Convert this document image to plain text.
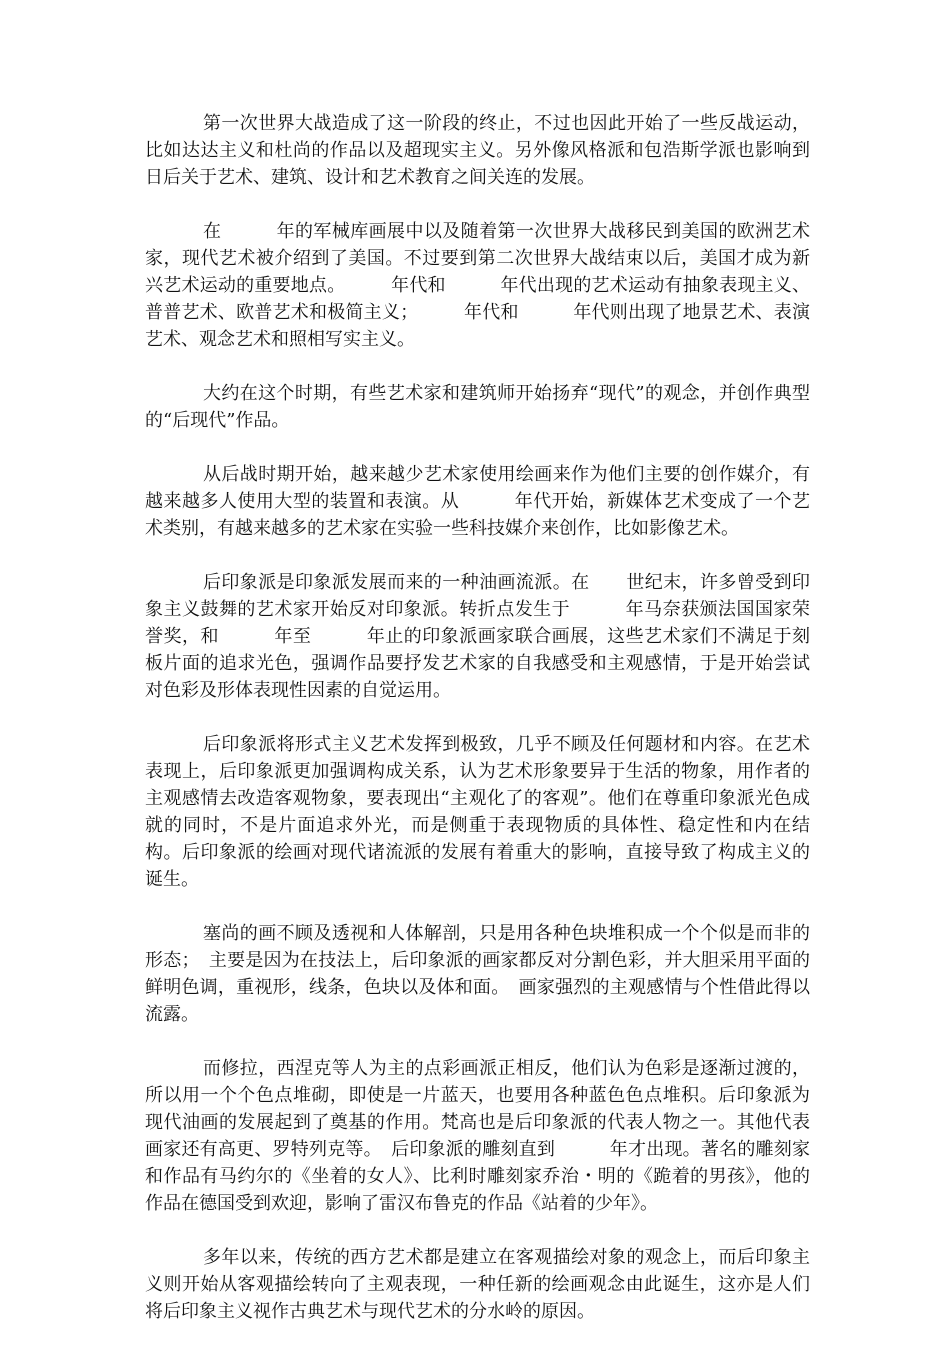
第一次世界大战造成了这一阶段的终止，不过也因此开始了一些反战运动，比如达达主义和杜尚的作品以及超现实主义。另外像风格派和包浩斯学派也影响到日后关于艺术、建筑、设计和艺术教育之间关连的发展。

在　　　年的军械库画展中以及随着第一次世界大战移民到美国的欧洲艺术家，现代艺术被介绍到了美国。不过要到第二次世界大战结束以后，美国才成为新兴艺术运动的重要地点。　　　年代和　　　年代出现的艺术运动有抽象表现主义、普普艺术、欧普艺术和极简主义；　　　年代和　　　年代则出现了地景艺术、表演艺术、观念艺术和照相写实主义。

大约在这个时期，有些艺术家和建筑师开始扬弃“现代”的观念，并创作典型的“后现代”作品。

从后战时期开始，越来越少艺术家使用绘画来作为他们主要的创作媒介，有越来越多人使用大型的装置和表演。从　　　年代开始，新媒体艺术变成了一个艺术类别，有越来越多的艺术家在实验一些科技媒介来创作，比如影像艺术。

后印象派是印象派发展而来的一种油画流派。在　　世纪末，许多曾受到印象主义鼓舞的艺术家开始反对印象派。转折点发生于　　　年马奈获颁法国国家荣誉奖，和　　　年至　　　年止的印象派画家联合画展，这些艺术家们不满足于刻板片面的追求光色，强调作品要抒发艺术家的自我感受和主观感情，于是开始尝试对色彩及形体表现性因素的自觉运用。

后印象派将形式主义艺术发挥到极致，几乎不顾及任何题材和内容。在艺术表现上，后印象派更加强调构成关系，认为艺术形象要异于生活的物象，用作者的主观感情去改造客观物象，要表现出“主观化了的客观”。他们在尊重印象派光色成就的同时，不是片面追求外光，而是侧重于表现物质的具体性、稳定性和内在结构。后印象派的绘画对现代诸流派的发展有着重大的影响，直接导致了构成主义的诞生。

塞尚的画不顾及透视和人体解剖，只是用各种色块堆积成一个个似是而非的形态；　主要是因为在技法上，后印象派的画家都反对分割色彩，并大胆采用平面的鲜明色调，重视形，线条，色块以及体和面。　画家强烈的主观感情与个性借此得以流露。

而修拉，西涅克等人为主的点彩画派正相反，他们认为色彩是逐渐过渡的，所以用一个个色点堆砌，即使是一片蓝天，也要用各种蓝色色点堆积。后印象派为现代油画的发展起到了奠基的作用。梵高也是后印象派的代表人物之一。其他代表画家还有高更、罗特列克等。　后印象派的雕刻直到　　　年才出现。著名的雕刻家和作品有马约尔的《坐着的女人》、比利时雕刻家乔治・明的《跪着的男孩》，他的作品在德国受到欢迎，影响了雷汉布鲁克的作品《站着的少年》。

多年以来，传统的西方艺术都是建立在客观描绘对象的观念上，而后印象主义则开始从客观描绘转向了主观表现，一种任新的绘画观念由此诞生，这亦是人们将后印象主义视作古典艺术与现代艺术的分水岭的原因。
